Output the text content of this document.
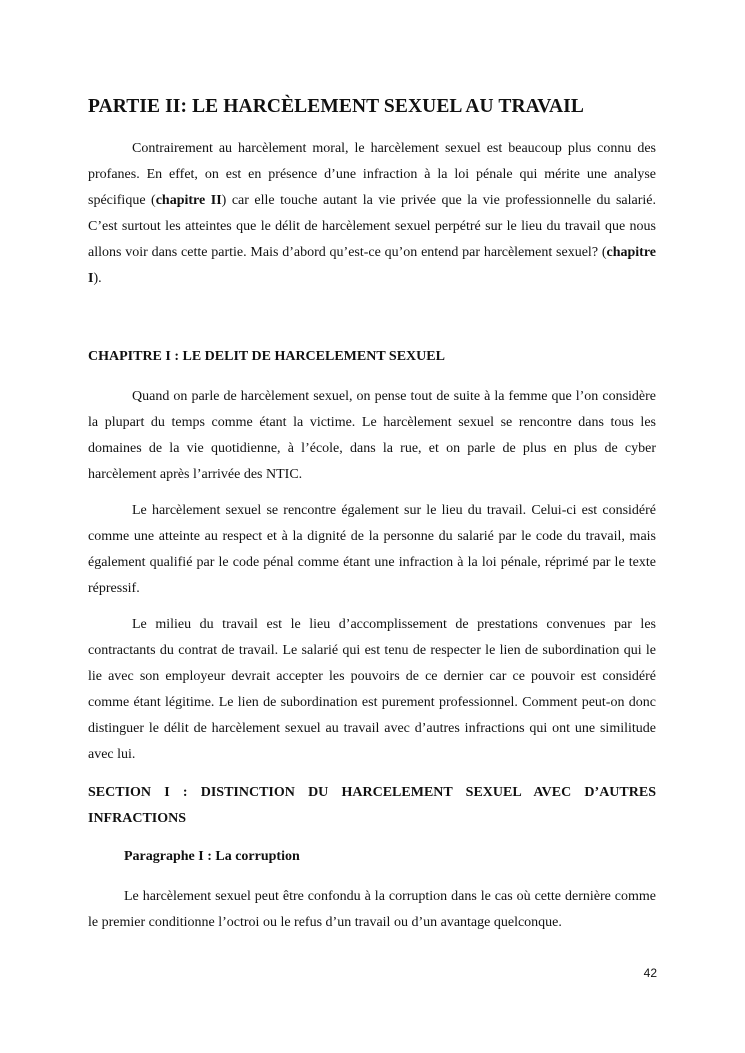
PARTIE II: LE HARCÈLEMENT SEXUEL AU TRAVAIL

Contrairement au harcèlement moral, le harcèlement sexuel est beaucoup plus connu des profanes. En effet, on est en présence d’une infraction à la loi pénale qui mérite une analyse spécifique (chapitre II) car elle touche autant la vie privée que la vie professionnelle du salarié. C’est surtout les atteintes que le délit de harcèlement sexuel perpétré sur le lieu du travail que nous allons voir dans cette partie. Mais d’abord qu’est-ce qu’on entend par harcèlement sexuel? (chapitre I).

CHAPITRE I : LE DELIT DE HARCELEMENT SEXUEL

Quand on parle de harcèlement sexuel, on pense tout de suite à la femme que l’on considère la plupart du temps comme étant la victime. Le harcèlement sexuel se rencontre dans tous les domaines de la vie quotidienne, à l’école, dans la rue, et on parle de plus en plus de cyber harcèlement après l’arrivée des NTIC.

Le harcèlement sexuel se rencontre également sur le lieu du travail. Celui-ci est considéré comme une atteinte au respect et à la dignité de la personne du salarié par le code du travail, mais également qualifié par le code pénal comme étant une infraction à la loi pénale, réprimé par le texte répressif.

Le milieu du travail est le lieu d’accomplissement de prestations convenues par les contractants du contrat de travail. Le salarié qui est tenu de respecter le lien de subordination qui le lie avec son employeur devrait accepter les pouvoirs de ce dernier car ce pouvoir est considéré comme étant légitime. Le lien de subordination est purement professionnel. Comment peut-on donc distinguer le délit de harcèlement sexuel au travail avec d’autres infractions qui ont une similitude avec lui.

SECTION I : DISTINCTION DU HARCELEMENT SEXUEL AVEC D’AUTRES
INFRACTIONS
Paragraphe I : La corruption

Le harcèlement sexuel peut être confondu à la corruption dans le cas où cette dernière comme le premier conditionne l’octroi ou le refus d’un travail ou d’un avantage quelconque.

42
